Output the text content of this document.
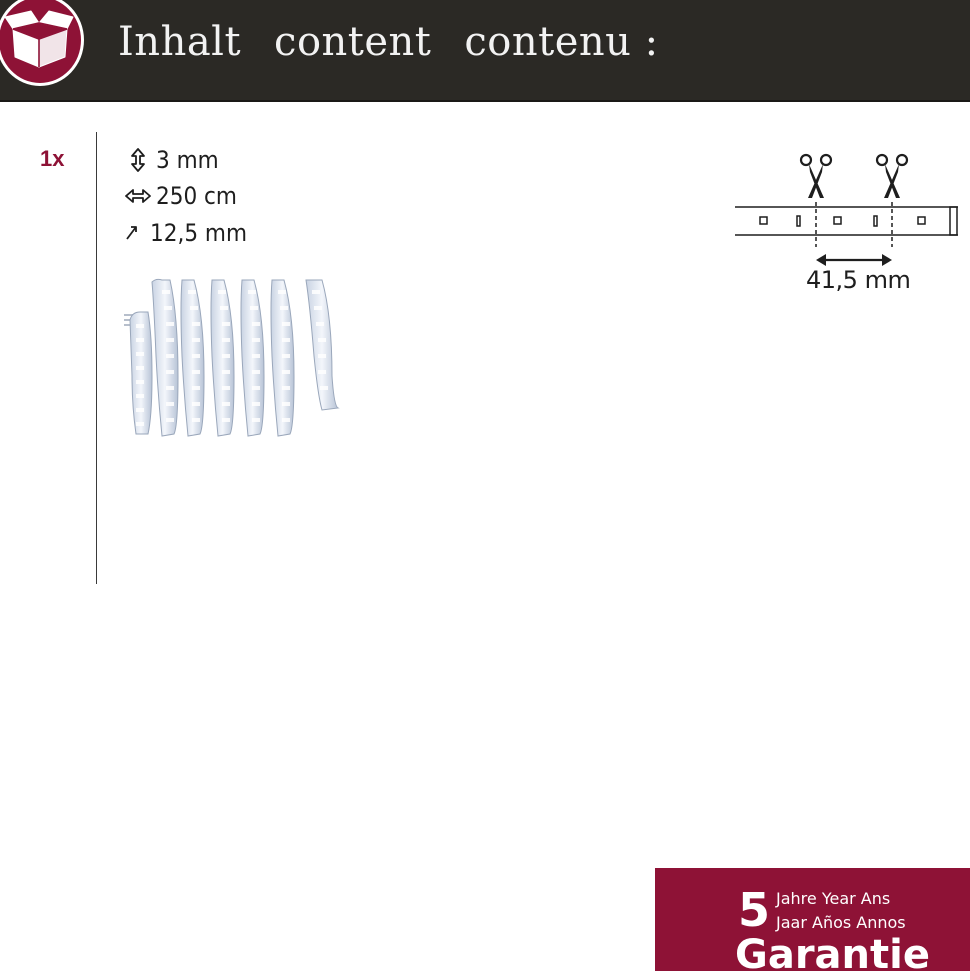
Inhalt content contenu :
1x	3 mm
250 cm
12,5 mm
41,5 mm
5 Jahre Year Ans
Jaar Años Annos
Garantie
